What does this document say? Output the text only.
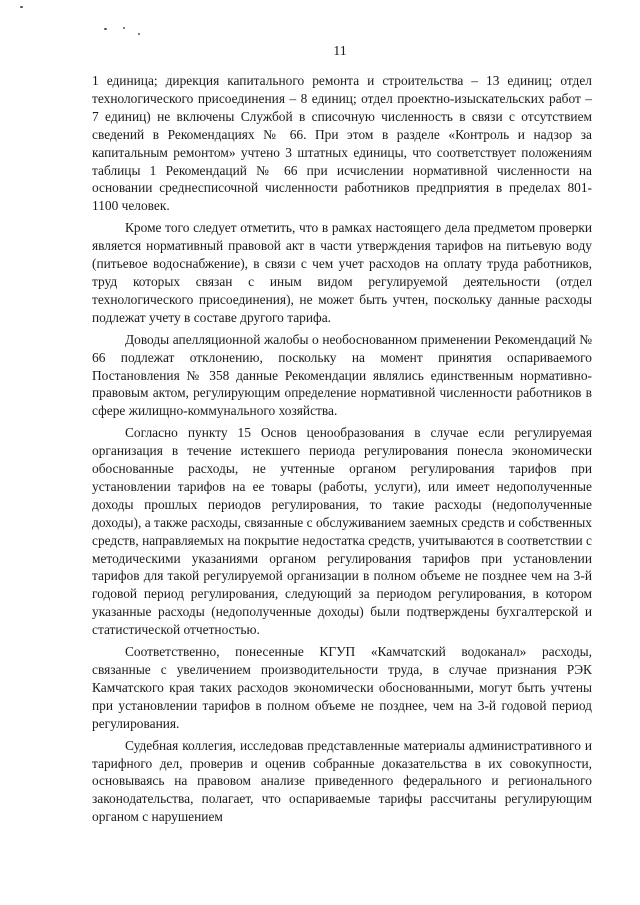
11

1 единица; дирекция капитального ремонта и строительства – 13 единиц; отдел технологического присоединения – 8 единиц; отдел проектно-изыскательских работ – 7 единиц) не включены Службой в списочную численность в связи с отсутствием сведений в Рекомендациях № 66. При этом в разделе «Контроль и надзор за капитальным ремонтом» учтено 3 штатных единицы, что соответствует положениям таблицы 1 Рекомендаций № 66 при исчислении нормативной численности на основании среднесписочной численности работников предприятия в пределах 801-1100 человек.

Кроме того следует отметить, что в рамках настоящего дела предметом проверки является нормативный правовой акт в части утверждения тарифов на питьевую воду (питьевое водоснабжение), в связи с чем учет расходов на оплату труда работников, труд которых связан с иным видом регулируемой деятельности (отдел технологического присоединения), не может быть учтен, поскольку данные расходы подлежат учету в составе другого тарифа.

Доводы апелляционной жалобы о необоснованном применении Рекомендаций № 66 подлежат отклонению, поскольку на момент принятия оспариваемого Постановления № 358 данные Рекомендации являлись единственным нормативно-правовым актом, регулирующим определение нормативной численности работников в сфере жилищно-коммунального хозяйства.

Согласно пункту 15 Основ ценообразования в случае если регулируемая организация в течение истекшего периода регулирования понесла экономически обоснованные расходы, не учтенные органом регулирования тарифов при установлении тарифов на ее товары (работы, услуги), или имеет недополученные доходы прошлых периодов регулирования, то такие расходы (недополученные доходы), а также расходы, связанные с обслуживанием заемных средств и собственных средств, направляемых на покрытие недостатка средств, учитываются в соответствии с методическими указаниями органом регулирования тарифов при установлении тарифов для такой регулируемой организации в полном объеме не позднее чем на 3-й годовой период регулирования, следующий за периодом регулирования, в котором указанные расходы (недополученные доходы) были подтверждены бухгалтерской и статистической отчетностью.

Соответственно, понесенные КГУП «Камчатский водоканал» расходы, связанные с увеличением производительности труда, в случае признания РЭК Камчатского края таких расходов экономически обоснованными, могут быть учтены при установлении тарифов в полном объеме не позднее, чем на 3-й годовой период регулирования.

Судебная коллегия, исследовав представленные материалы административного и тарифного дел, проверив и оценив собранные доказательства в их совокупности, основываясь на правовом анализе приведенного федерального и регионального законодательства, полагает, что оспариваемые тарифы рассчитаны регулирующим органом с нарушением
